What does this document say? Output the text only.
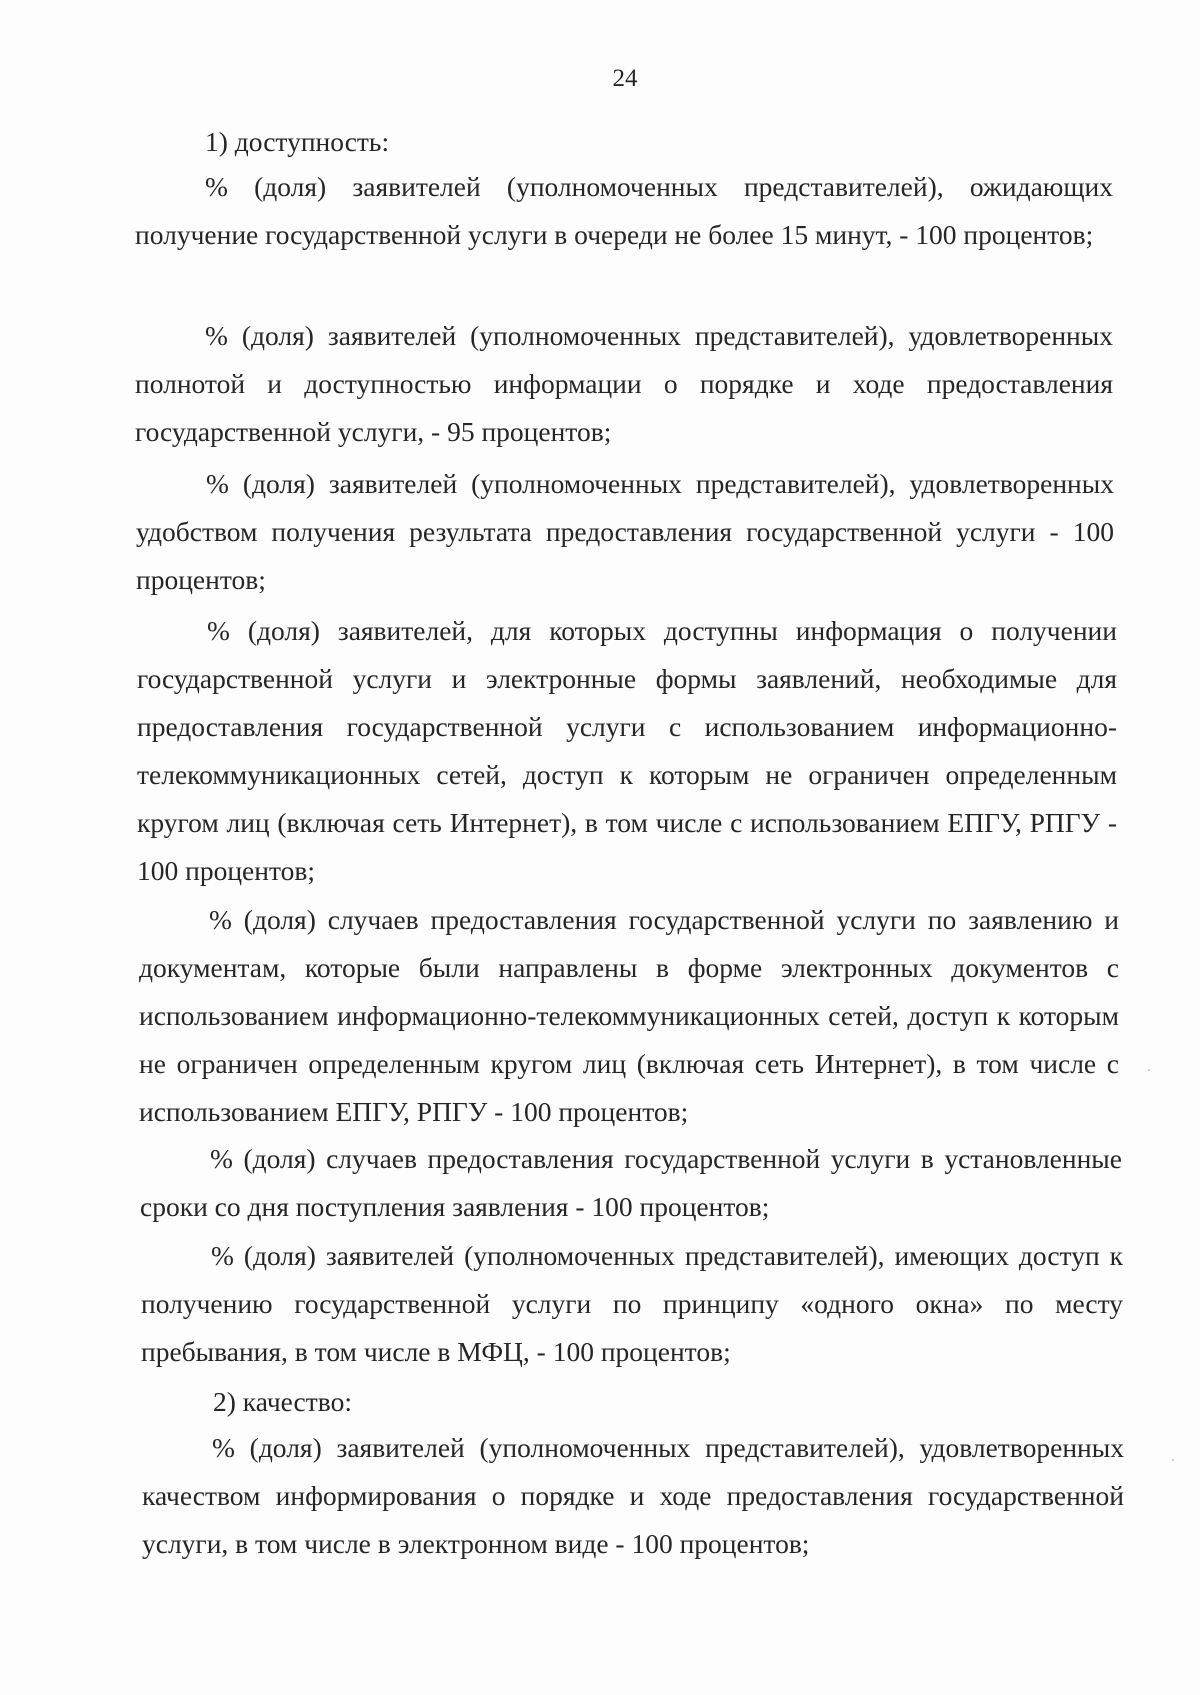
24

1) доступность:

% (доля) заявителей (уполномоченных представителей), ожидающих получение государственной услуги в очереди не более 15 минут, - 100 процентов;

% (доля) заявителей (уполномоченных представителей), удовлетворенных полнотой и доступностью информации о порядке и ходе предоставления государственной услуги, - 95 процентов;

% (доля) заявителей (уполномоченных представителей), удовлетворенных удобством получения результата предоставления государственной услуги - 100 процентов;

% (доля) заявителей, для которых доступны информация о получении государственной услуги и электронные формы заявлений, необходимые для предоставления государственной услуги с использованием информационно-телекоммуникационных сетей, доступ к которым не ограничен определенным кругом лиц (включая сеть Интернет), в том числе с использованием ЕПГУ, РПГУ - 100 процентов;

% (доля) случаев предоставления государственной услуги по заявлению и документам, которые были направлены в форме электронных документов с использованием информационно-телекоммуникационных сетей, доступ к которым не ограничен определенным кругом лиц (включая сеть Интернет), в том числе с использованием ЕПГУ, РПГУ - 100 процентов;

% (доля) случаев предоставления государственной услуги в установленные сроки со дня поступления заявления - 100 процентов;

% (доля) заявителей (уполномоченных представителей), имеющих доступ к получению государственной услуги по принципу «одного окна» по месту пребывания, в том числе в МФЦ, - 100 процентов;

2) качество:

% (доля) заявителей (уполномоченных представителей), удовлетворенных качеством информирования о порядке и ходе предоставления государственной услуги, в том числе в электронном виде - 100 процентов;
